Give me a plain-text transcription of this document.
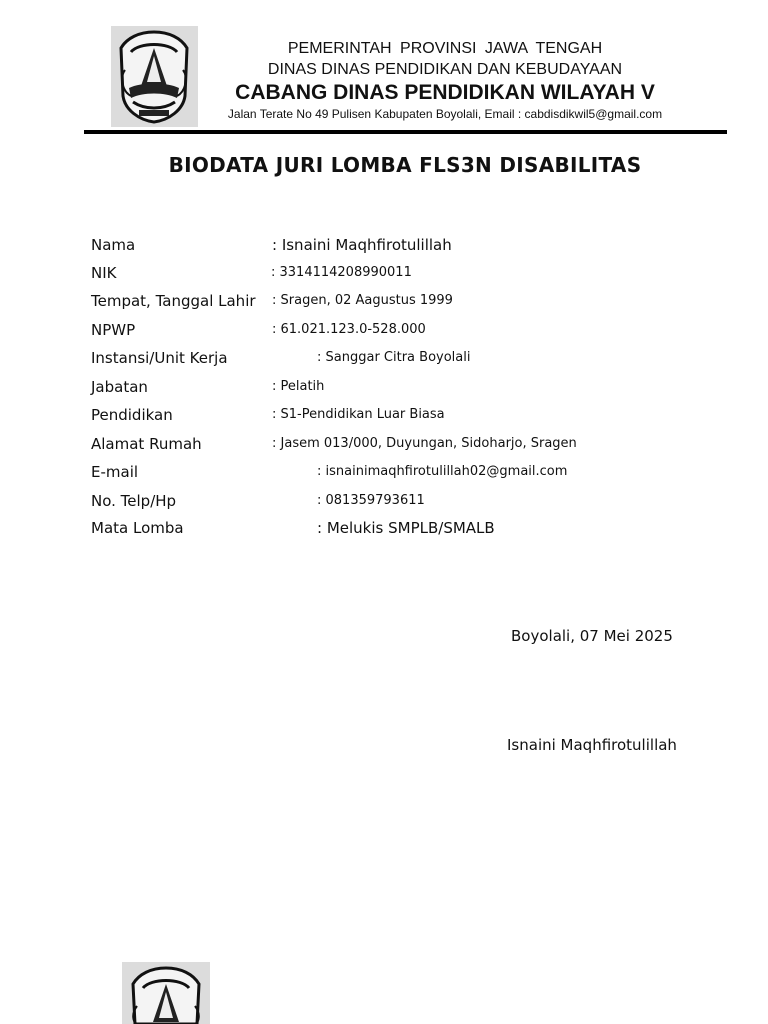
PEMERINTAH PROVINSI JAWA TENGAH
DINAS DINAS PENDIDIKAN DAN KEBUDAYAAN
CABANG DINAS PENDIDIKAN WILAYAH V
Jalan Terate No 49 Pulisen Kabupaten Boyolali, Email : cabdisdikwil5@gmail.com
BIODATA JURI LOMBA FLS3N DISABILITAS
Nama	: Isnaini Maqhfirotulillah
NIK	: 3314114208990011
Tempat, Tanggal Lahir : Sragen, 02 Aagustus 1999
NPWP	: 61.021.123.0-528.000
Instansi/Unit Kerja	: Sanggar Citra Boyolali
Jabatan	: Pelatih
Pendidikan	: S1-Pendidikan Luar Biasa
Alamat Rumah	: Jasem 013/000, Duyungan, Sidoharjo, Sragen
E-mail	: isnainimaqhfirotulillah02@gmail.com
No. Telp/Hp	: 081359793611
Mata Lomba	: Melukis SMPLB/SMALB
Boyolali, 07 Mei 2025
Isnaini Maqhfirotulillah
